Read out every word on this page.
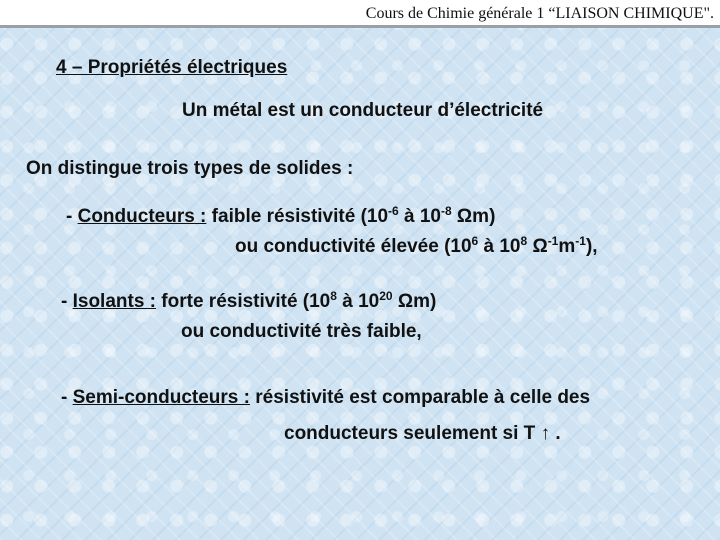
Cours de Chimie générale 1 “LIAISON CHIMIQUE".
4 – Propriétés électriques
Un métal est un conducteur d’électricité
On distingue trois types de solides :
- Conducteurs : faible résistivité ($10^{-6}$ à $10^{-8}$ Ωm)
ou conductivité élevée ($10^6$ à $10^8$ $\Omega^{-1}m^{-1}$),
- Isolants : forte résistivité ($10^8$ à $10^{20}$ Ωm)
ou conductivité très faible,
- Semi-conducteurs : résistivité est comparable à celle des
conducteurs seulement si T ↑ .
